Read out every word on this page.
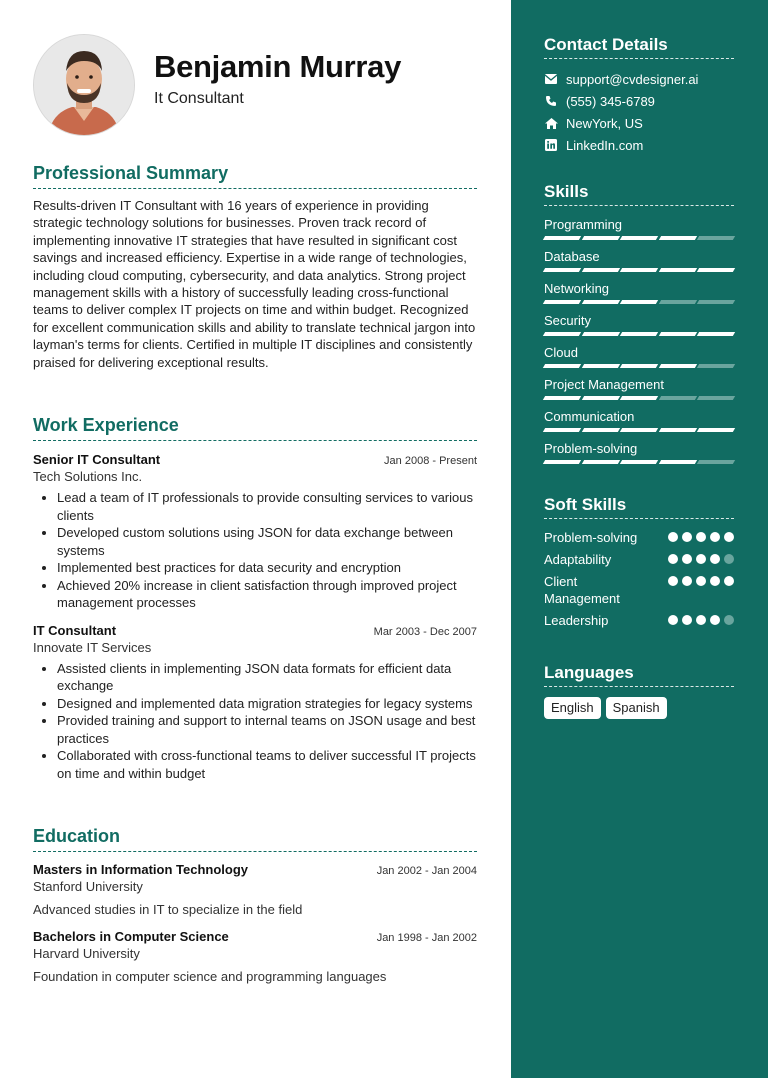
Benjamin Murray
It Consultant
Professional Summary
Results-driven IT Consultant with 16 years of experience in providing strategic technology solutions for businesses. Proven track record of implementing innovative IT strategies that have resulted in significant cost savings and increased efficiency. Expertise in a wide range of technologies, including cloud computing, cybersecurity, and data analytics. Strong project management skills with a history of successfully leading cross-functional teams to deliver complex IT projects on time and within budget. Recognized for excellent communication skills and ability to translate technical jargon into layman's terms for clients. Certified in multiple IT disciplines and consistently praised for delivering exceptional results.
Work Experience
Senior IT Consultant	Jan 2008 - Present
Tech Solutions Inc.
• Lead a team of IT professionals to provide consulting services to various clients
• Developed custom solutions using JSON for data exchange between systems
• Implemented best practices for data security and encryption
• Achieved 20% increase in client satisfaction through improved project management processes
IT Consultant	Mar 2003 - Dec 2007
Innovate IT Services
• Assisted clients in implementing JSON data formats for efficient data exchange
• Designed and implemented data migration strategies for legacy systems
• Provided training and support to internal teams on JSON usage and best practices
• Collaborated with cross-functional teams to deliver successful IT projects on time and within budget
Education
Masters in Information Technology	Jan 2002 - Jan 2004
Stanford University
Advanced studies in IT to specialize in the field
Bachelors in Computer Science	Jan 1998 - Jan 2002
Harvard University
Foundation in computer science and programming languages
Contact Details
support@cvdesigner.ai
(555) 345-6789
NewYork, US
LinkedIn.com
Skills
Programming
Database
Networking
Security
Cloud
Project Management
Communication
Problem-solving
Soft Skills
Problem-solving
Adaptability
Client Management
Leadership
Languages
English	Spanish
